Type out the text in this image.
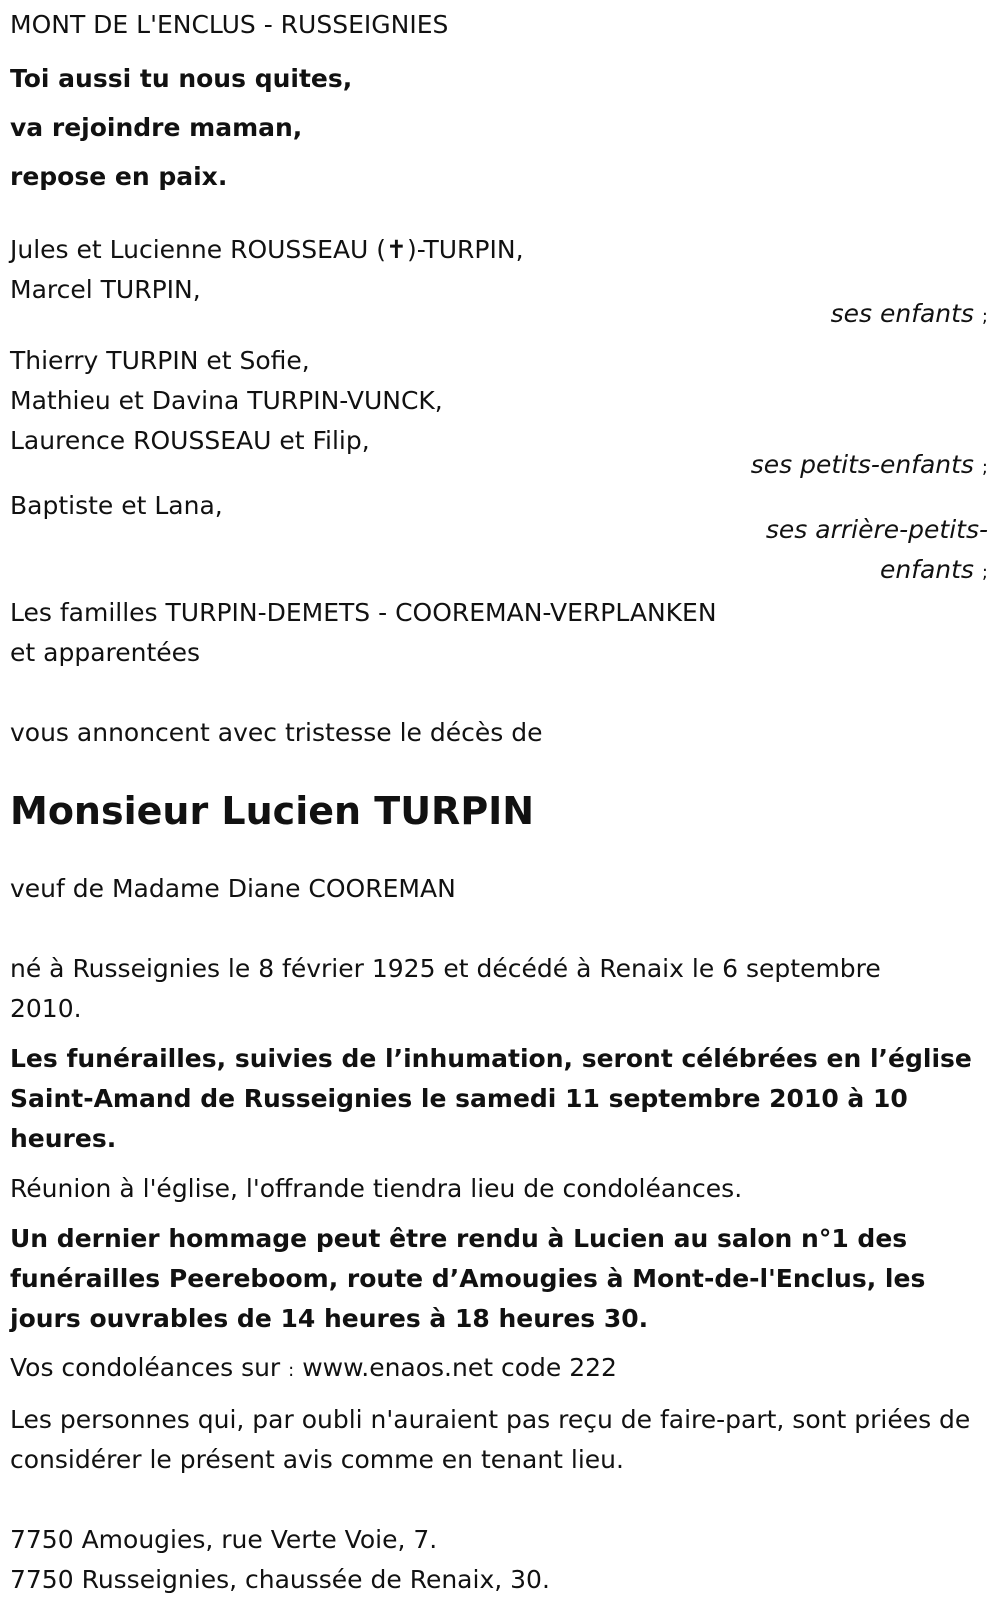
MONT DE L'ENCLUS - RUSSEIGNIES
Toi aussi tu nous quites,
va rejoindre maman,
repose en paix.
Jules et Lucienne ROUSSEAU (✝)-TURPIN,
Marcel TURPIN,
ses enfants ;
Thierry TURPIN et Sofie,
Mathieu et Davina TURPIN-VUNCK,
Laurence ROUSSEAU et Filip,
ses petits-enfants ;
Baptiste et Lana,
ses arrière-petits-
enfants ;
Les familles TURPIN-DEMETS - COOREMAN-VERPLANKEN
et apparentées
vous annoncent avec tristesse le décès de
Monsieur Lucien TURPIN
veuf de Madame Diane COOREMAN
né à Russeignies le 8 février 1925 et décédé à Renaix le 6 septembre 2010.
Les funérailles, suivies de l’inhumation, seront célébrées en l’église Saint-Amand de Russeignies le samedi 11 septembre 2010 à 10 heures.
Réunion à l'église, l'offrande tiendra lieu de condoléances.
Un dernier hommage peut être rendu à Lucien au salon n°1 des funérailles Peereboom, route d’Amougies à Mont-de-l'Enclus, les jours ouvrables de 14 heures à 18 heures 30.
Vos condoléances sur : www.enaos.net code 222
Les personnes qui, par oubli n'auraient pas reçu de faire-part, sont priées de considérer le présent avis comme en tenant lieu.
7750 Amougies, rue Verte Voie, 7.
7750 Russeignies, chaussée de Renaix, 30.
